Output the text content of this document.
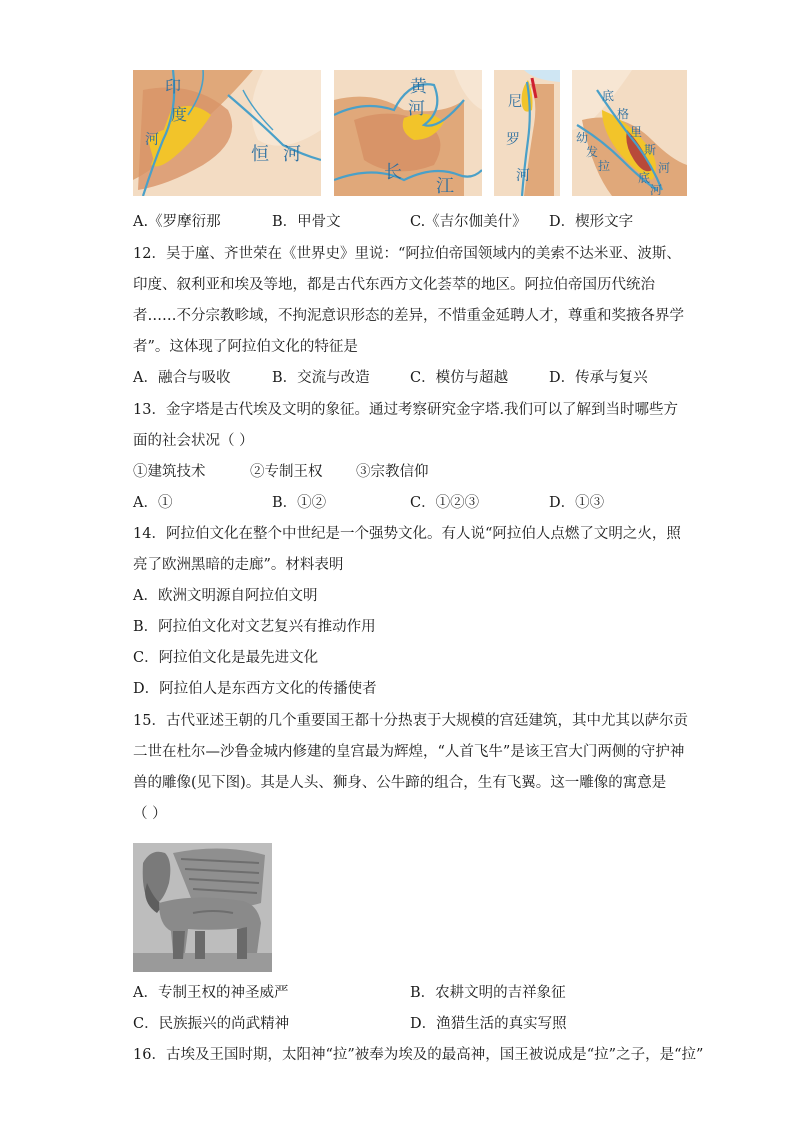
印
度
河
恒 河
黄
河
长
江
尼
罗
河
底
格
里
斯
河
幼
发
拉
底
河
A.《罗摩衍那	B．甲骨文	C.《吉尔伽美什》 D．楔形文字
12．吴于廑、齐世荣在《世界史》里说：“阿拉伯帝国领域内的美索不达米亚、波斯、
印度、叙利亚和埃及等地，都是古代东西方文化荟萃的地区。阿拉伯帝国历代统治
者……不分宗教畛域，不拘泥意识形态的差异，不惜重金延聘人才，尊重和奖掖各界学
者”。这体现了阿拉伯文化的特征是
A．融合与吸收	B．交流与改造	C．模仿与超越	D．传承与复兴
13．金字塔是古代埃及文明的象征。通过考察研究金字塔.我们可以了解到当时哪些方
面的社会状况（ ）
①建筑技术	②专制王权 ③宗教信仰
A．①	B．①②	C．①②③	D．①③
14．阿拉伯文化在整个中世纪是一个强势文化。有人说“阿拉伯人点燃了文明之火，照
亮了欧洲黑暗的走廊”。材料表明
A．欧洲文明源自阿拉伯文明
B．阿拉伯文化对文艺复兴有推动作用
C．阿拉伯文化是最先进文化
D．阿拉伯人是东西方文化的传播使者
15．古代亚述王朝的几个重要国王都十分热衷于大规模的宫廷建筑，其中尤其以萨尔贡
二世在杜尔—沙鲁金城内修建的皇宫最为辉煌，“人首飞牛”是该王宫大门两侧的守护神
兽的雕像(见下图)。其是人头、狮身、公牛蹄的组合，生有飞翼。这一雕像的寓意是
（ ）
A．专制王权的神圣威严	B．农耕文明的吉祥象征
C．民族振兴的尚武精神	D．渔猎生活的真实写照
16．古埃及王国时期，太阳神“拉”被奉为埃及的最高神，国王被说成是“拉”之子，是“拉”
